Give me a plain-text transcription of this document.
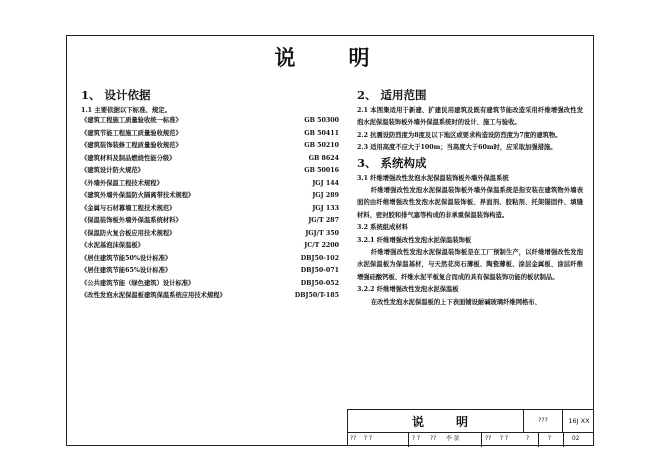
说　明
1、 设计依据
1.1 主要依据以下标准、规定。
《建筑工程施工质量验收统一标准》	GB 50300
《建筑节能工程施工质量验收规范》	GB 50411
《建筑装饰装修工程质量验收规范》	GB 50210
《建筑材料及制品燃烧性能分级》	GB 8624
《建筑设计防火规范》	GB 50016
《外墙外保温工程技术规程》	JGJ 144
《建筑外墙外保温防火隔离带技术规程》	JGJ 289
《金属与石材幕墙工程技术规范》	JGJ 133
《保温装饰板外墙外保温系统材料》	JG/T 287
《保温防火复合板应用技术规程》	JGJ/T 350
《水泥基泡沫保温板》	JC/T 2200
《居住建筑节能50%设计标准》	DBJ50-102
《居住建筑节能65%设计标准》	DBJ50-071
《公共建筑节能（绿色建筑）设计标准》	DBJ50-052
《改性发泡水泥保温板建筑保温系统应用技术规程》	DBJ50/T-185
2、 适用范围

2.1 本图集适用于新建、扩建民用建筑及既有建筑节能改造采用纤维增强改性发泡水泥保温装饰板外墙外保温系统时的设计、施工与验收。

2.2 抗震设防烈度为8度及以下地区或要求构造设防烈度为7度的建筑物。

2.3 适用高度不应大于100m；当高度大于60m时，应采取加强措施。

3、 系统构成

3.1 纤维增强改性发泡水泥保温装饰板外墙外保温系统

纤维增强改性发泡水泥保温装饰板外墙外保温系统是指安装在建筑物外墙表面的由纤维增强改性发泡水泥保温装饰板、界面剂、胶粘剂、托架锚固件、填缝材料、密封胶和排气塞等构成的非承重保温装饰构造。

3.2 系统组成材料

3.2.1 纤维增强改性发泡水泥保温装饰板

纤维增强改性发泡水泥保温装饰板是在工厂预制生产，以纤维增强改性发泡水泥保温板为保温基材，与天然花岗石薄板、陶瓷薄板、涂层金属板、涂层纤维增强硅酸钙板、纤维水泥平板复合而成的具有保温装饰功能的板状制品。

3.2.2 纤维增强改性发泡水泥保温板

在改性发泡水泥保温板的上下表面铺设耐碱玻璃纤维网格布、

说　明	???	16J XX
?? ? ?	? ? ?? 李 蕾	?? ? ?	?	?	02
